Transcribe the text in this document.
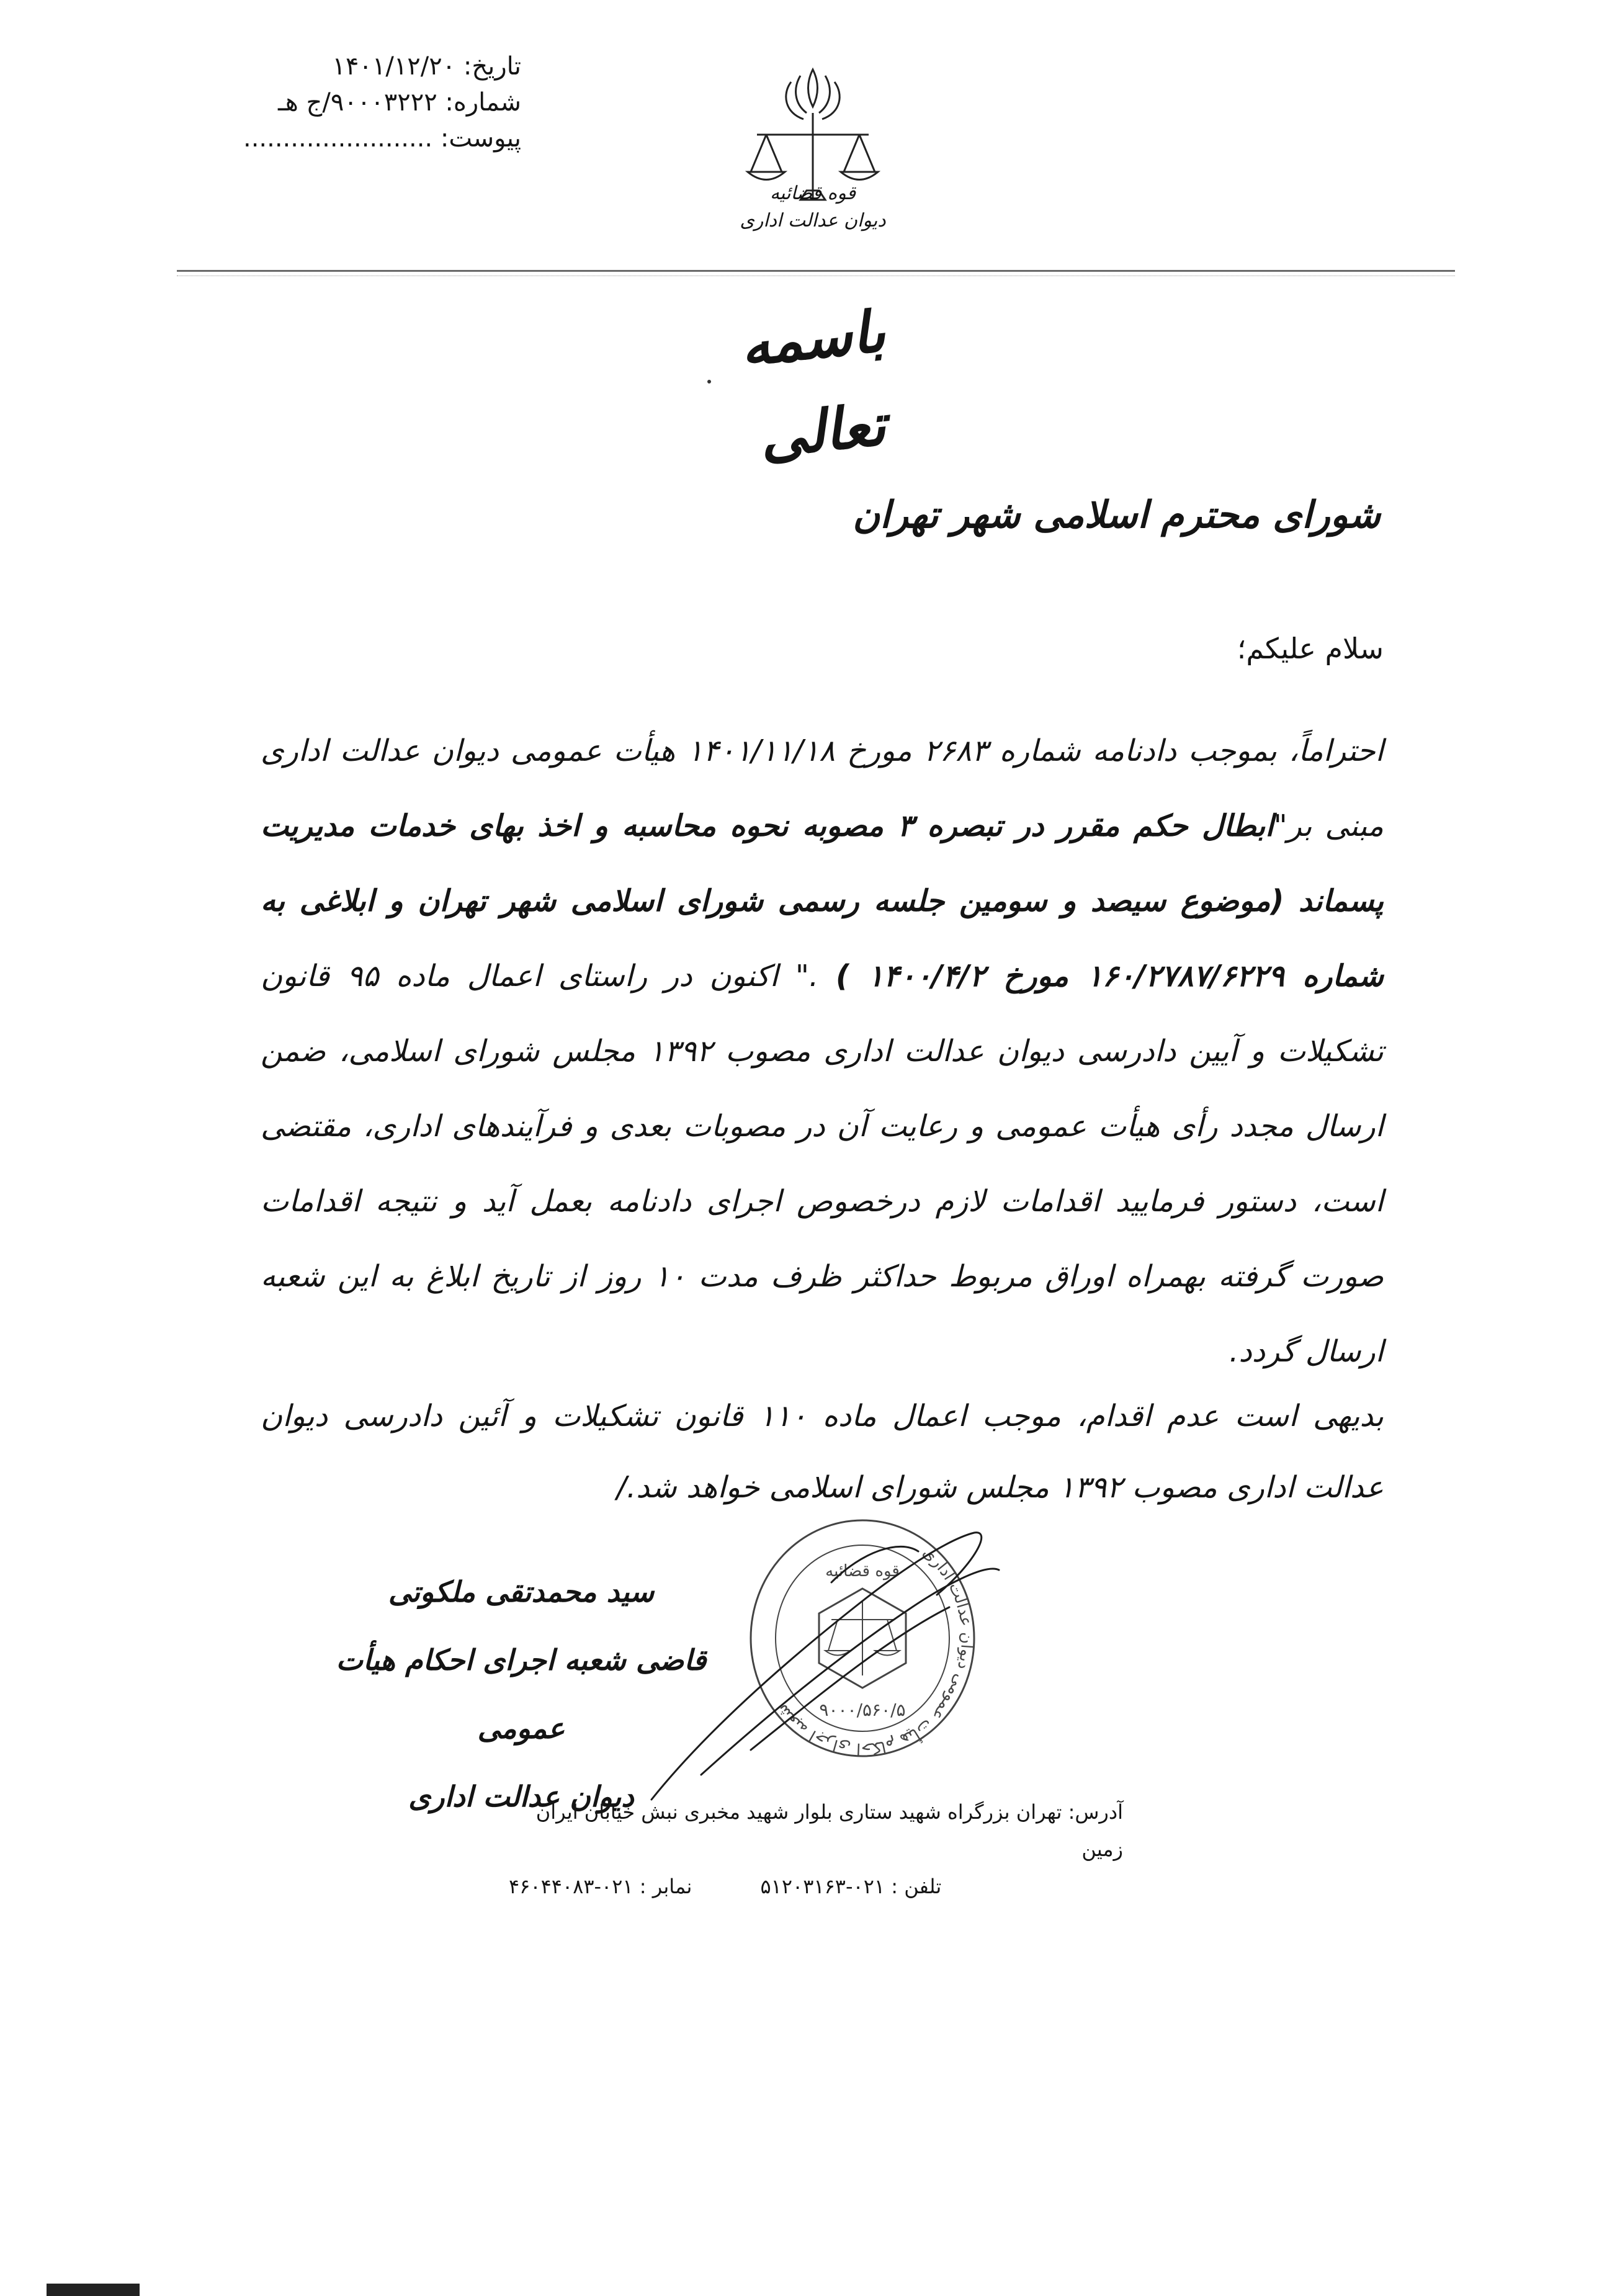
تاریخ: ۱۴۰۱/۱۲/۲۰
شماره: ۹۰۰۰۳۲۲۲/ج هـ
پیوست: ........................
قوه قضائیه
دیوان عدالت اداری
باسمه تعالی
شورای محترم اسلامی شهر تهران
سلام علیکم؛
احتراماً، بموجب دادنامه شماره ۲۶۸۳ مورخ ۱۴۰۱/۱۱/۱۸ هیأت عمومی دیوان عدالت اداری مبنی بر"ابطال حکم مقرر در تبصره ۳ مصوبه نحوه محاسبه و اخذ بهای خدمات مدیریت پسماند (موضوع سیصد و سومین جلسه رسمی شورای اسلامی شهر تهران و ابلاغی به شماره ۱۶۰/۲۷۸۷/۶۲۲۹ مورخ ۱۴۰۰/۴/۲ ) ." اکنون در راستای اعمال ماده ۹۵ قانون تشکیلات و آیین دادرسی دیوان عدالت اداری مصوب ۱۳۹۲ مجلس شورای اسلامی، ضمن ارسال مجدد رأی هیأت عمومی و رعایت آن در مصوبات بعدی و فرآیندهای اداری، مقتضی است، دستور فرمایید اقدامات لازم درخصوص اجرای دادنامه بعمل آید و نتیجه اقدامات صورت گرفته بهمراه اوراق مربوط حداکثر ظرف مدت ۱۰ روز از تاریخ ابلاغ به این شعبه ارسال گردد.
بدیهی است عدم اقدام، موجب اعمال ماده ۱۱۰ قانون تشکیلات و آئین دادرسی دیوان عدالت اداری مصوب ۱۳۹۲ مجلس شورای اسلامی خواهد شد./
سید محمدتقی ملکوتی
قاضی شعبه اجرای احکام هیأت عمومی
دیوان عدالت اداری
شعبه اجرای احکام هیأت عمومی دیوان عدالت اداری
قوه قضائیه
۹۰۰۰/۵۶۰/۵
آدرس: تهران بزرگراه شهید ستاری بلوار شهید مخبری نبش خیابان ایران زمین
تلفن : ۰۲۱-۵۱۲۰۳۱۶۳
نمابر : ۰۲۱-۴۶۰۴۴۰۸۳
